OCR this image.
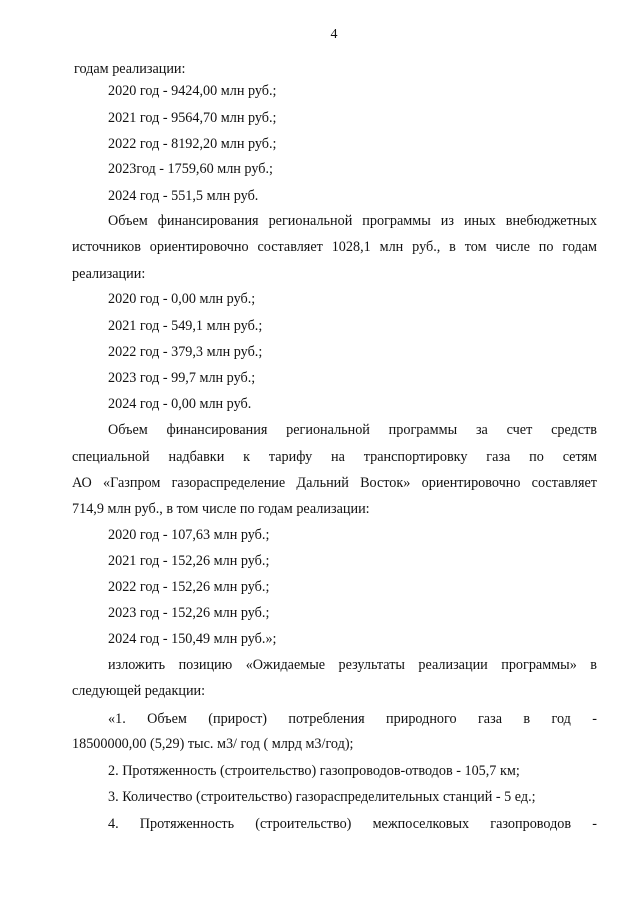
4
годам реализации:
2020 год - 9424,00 млн руб.;
2021 год - 9564,70 млн руб.;
2022 год - 8192,20 млн руб.;
2023год - 1759,60 млн руб.;
2024 год - 551,5 млн руб.
Объем финансирования региональной программы из иных внебюджетных
источников ориентировочно составляет 1028,1 млн руб., в том числе по годам
реализации:
2020 год - 0,00 млн руб.;
2021 год - 549,1 млн руб.;
2022 год - 379,3 млн руб.;
2023 год - 99,7 млн руб.;
2024 год - 0,00 млн руб.
Объем финансирования региональной программы за счет средств
специальной надбавки к тарифу на транспортировку газа по сетям
АО «Газпром газораспределение Дальний Восток» ориентировочно составляет
714,9 млн руб., в том числе по годам реализации:
2020 год - 107,63 млн руб.;
2021 год - 152,26 млн руб.;
2022 год - 152,26 млн руб.;
2023 год - 152,26 млн руб.;
2024 год - 150,49 млн руб.»;
изложить позицию «Ожидаемые результаты реализации программы» в
следующей редакции:
«1. Объем (прирост) потребления природного газа в год -
18500000,00 (5,29) тыс. м3/ год ( млрд м3/год);
2. Протяженность (строительство) газопроводов-отводов - 105,7 км;
3. Количество (строительство) газораспределительных станций - 5 ед.;
4. Протяженность (строительство) межпоселковых газопроводов -
